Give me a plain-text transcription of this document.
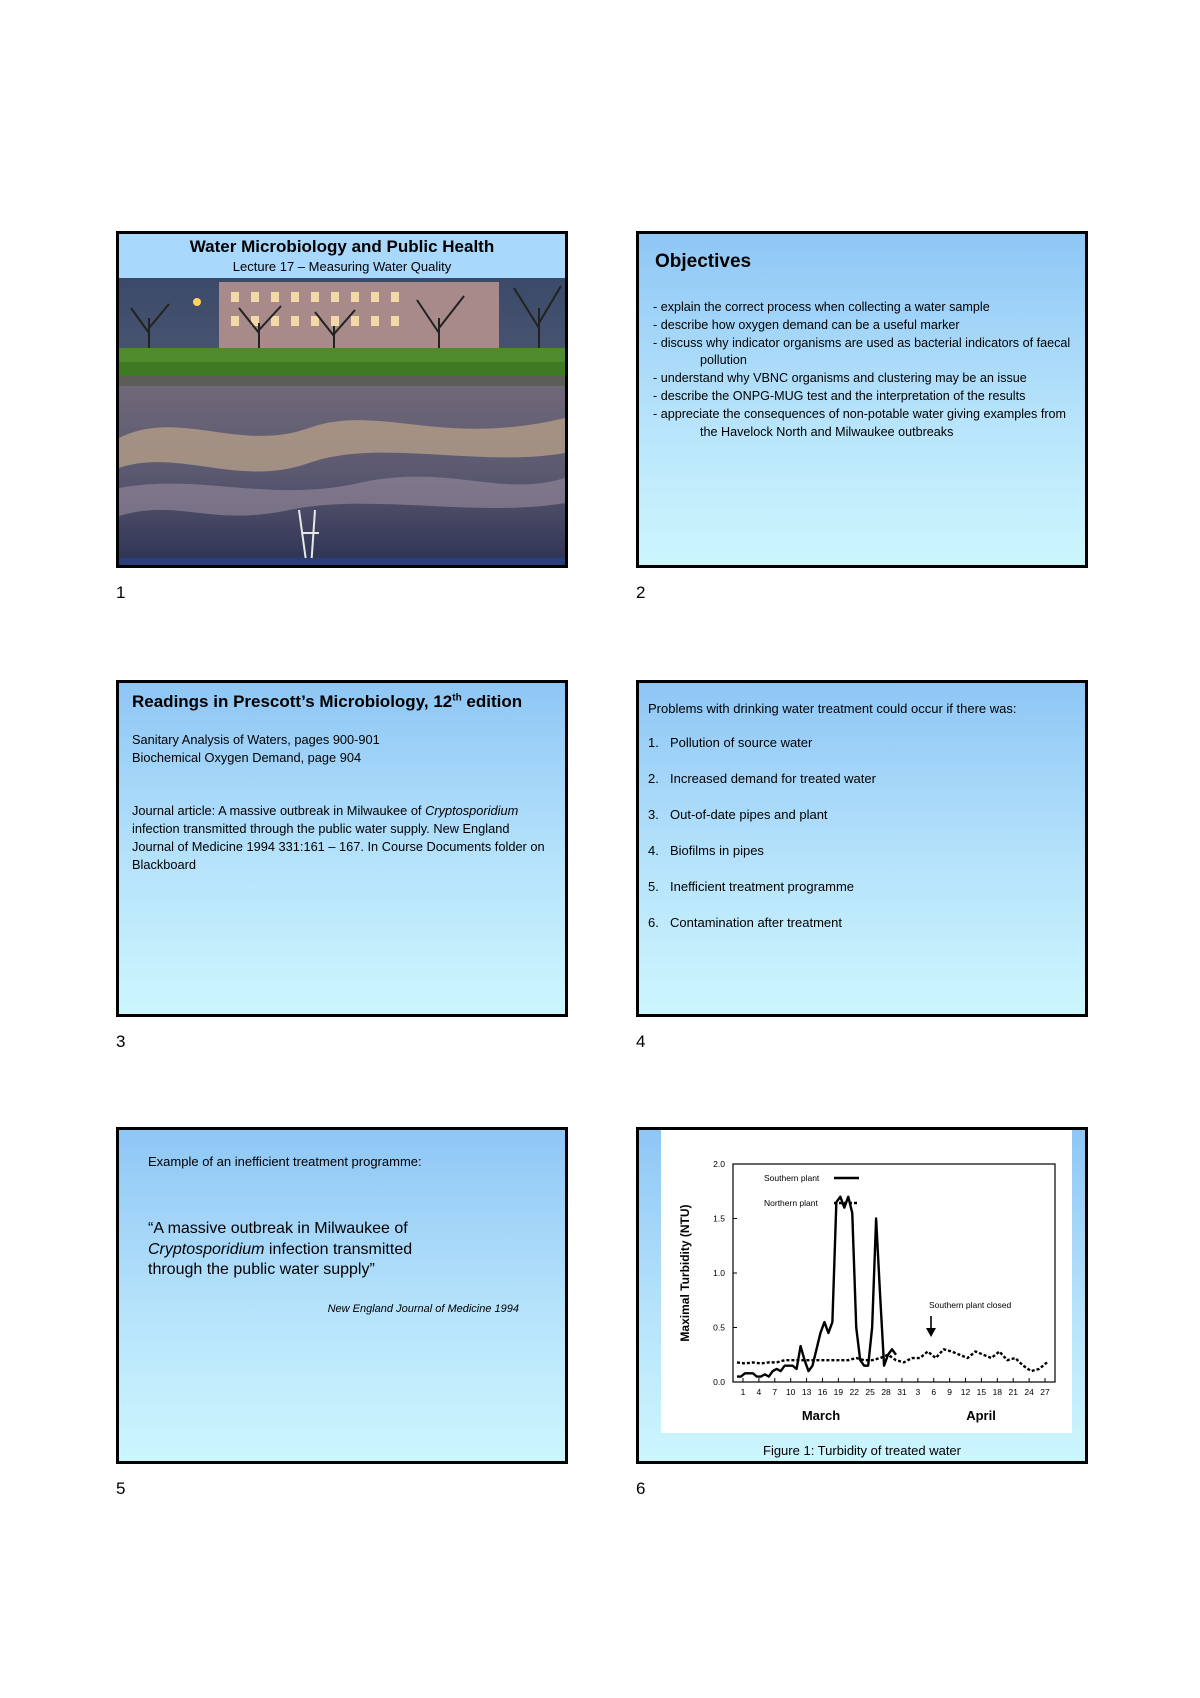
Water Microbiology and Public Health
Lecture 17 – Measuring Water Quality
1
Objectives
- explain the correct process when collecting a water sample
- describe how oxygen demand can be a useful marker
- discuss why indicator organisms are used as bacterial indicators of faecal pollution
- understand why VBNC organisms and clustering may be an issue
- describe the ONPG-MUG test and the interpretation of the results
- appreciate the consequences of non-potable water giving examples from the Havelock North and Milwaukee outbreaks
2
Readings in Prescott’s Microbiology, 12th edition

Sanitary Analysis of Waters, pages 900-901

Biochemical Oxygen Demand, page 904

Journal article: A massive outbreak in Milwaukee of Cryptosporidium infection transmitted through the public water supply. New England Journal of Medicine 1994 331:161 – 167. In Course Documents folder on Blackboard

3
Problems with drinking water treatment could occur if there was:
1. Pollution of source water
2. Increased demand for treated water
3. Out-of-date pipes and plant
4. Biofilms in pipes
5. Inefficient treatment programme
6. Contamination after treatment
4
Example of an inefficient treatment programme:
“A massive outbreak in Milwaukee of Cryptosporidium infection transmitted through the public water supply”
New England Journal of Medicine 1994
5
Maximal Turbidity (NTU)
2.0
1.5
1.0
0.5
0.0
1 4 7 10 13 16 19 22 25 28 31 3 6 9 12 15 18 21 24 27
March	April
Southern plant
Northern plant
Southern plant closed
Figure 1: Turbidity of treated water
6
